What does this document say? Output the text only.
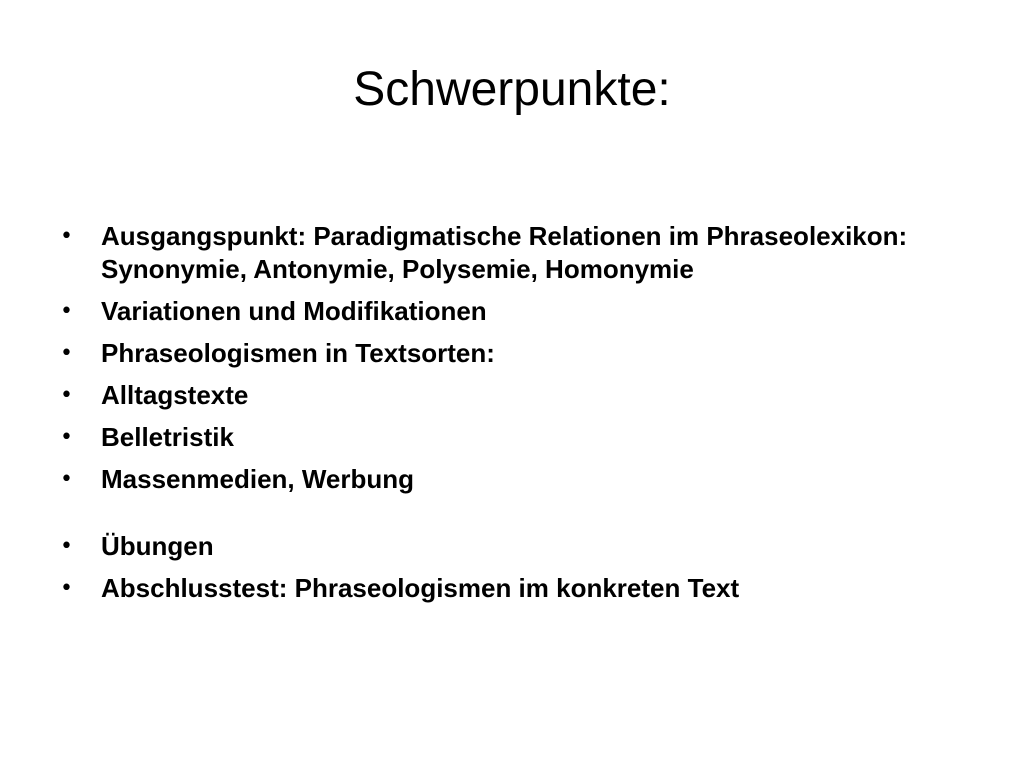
Schwerpunkte:
• Ausgangspunkt: Paradigmatische Relationen im Phraseolexikon: Synonymie, Antonymie, Polysemie, Homonymie
• Variationen und Modifikationen
• Phraseologismen in Textsorten:
• Alltagstexte
• Belletristik
• Massenmedien, Werbung
• Übungen
• Abschlusstest: Phraseologismen im konkreten Text
